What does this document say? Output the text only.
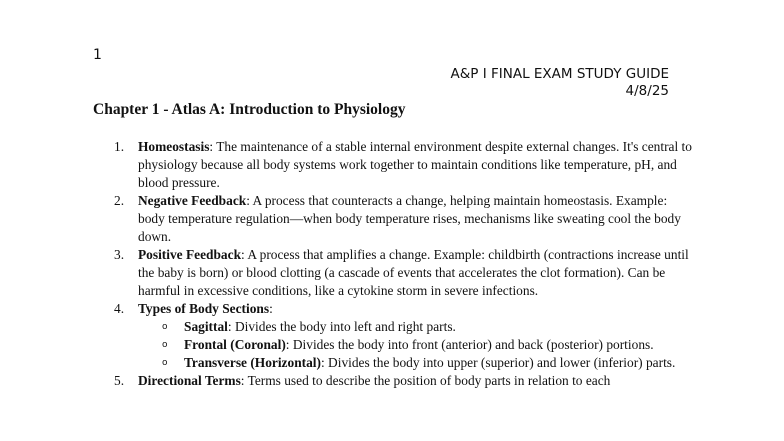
1
A&P I FINAL EXAM STUDY GUIDE
4/8/25
Chapter 1 - Atlas A: Introduction to Physiology
1. Homeostasis: The maintenance of a stable internal environment despite external changes. It's central to physiology because all body systems work together to maintain conditions like temperature, pH, and blood pressure.
2. Negative Feedback: A process that counteracts a change, helping maintain homeostasis. Example: body temperature regulation—when body temperature rises, mechanisms like sweating cool the body down.
3. Positive Feedback: A process that amplifies a change. Example: childbirth (contractions increase until the baby is born) or blood clotting (a cascade of events that accelerates the clot formation). Can be harmful in excessive conditions, like a cytokine storm in severe infections.
4. Types of Body Sections:
o Sagittal: Divides the body into left and right parts.
o Frontal (Coronal): Divides the body into front (anterior) and back (posterior) portions.
o Transverse (Horizontal): Divides the body into upper (superior) and lower (inferior) parts.
5. Directional Terms: Terms used to describe the position of body parts in relation to each
